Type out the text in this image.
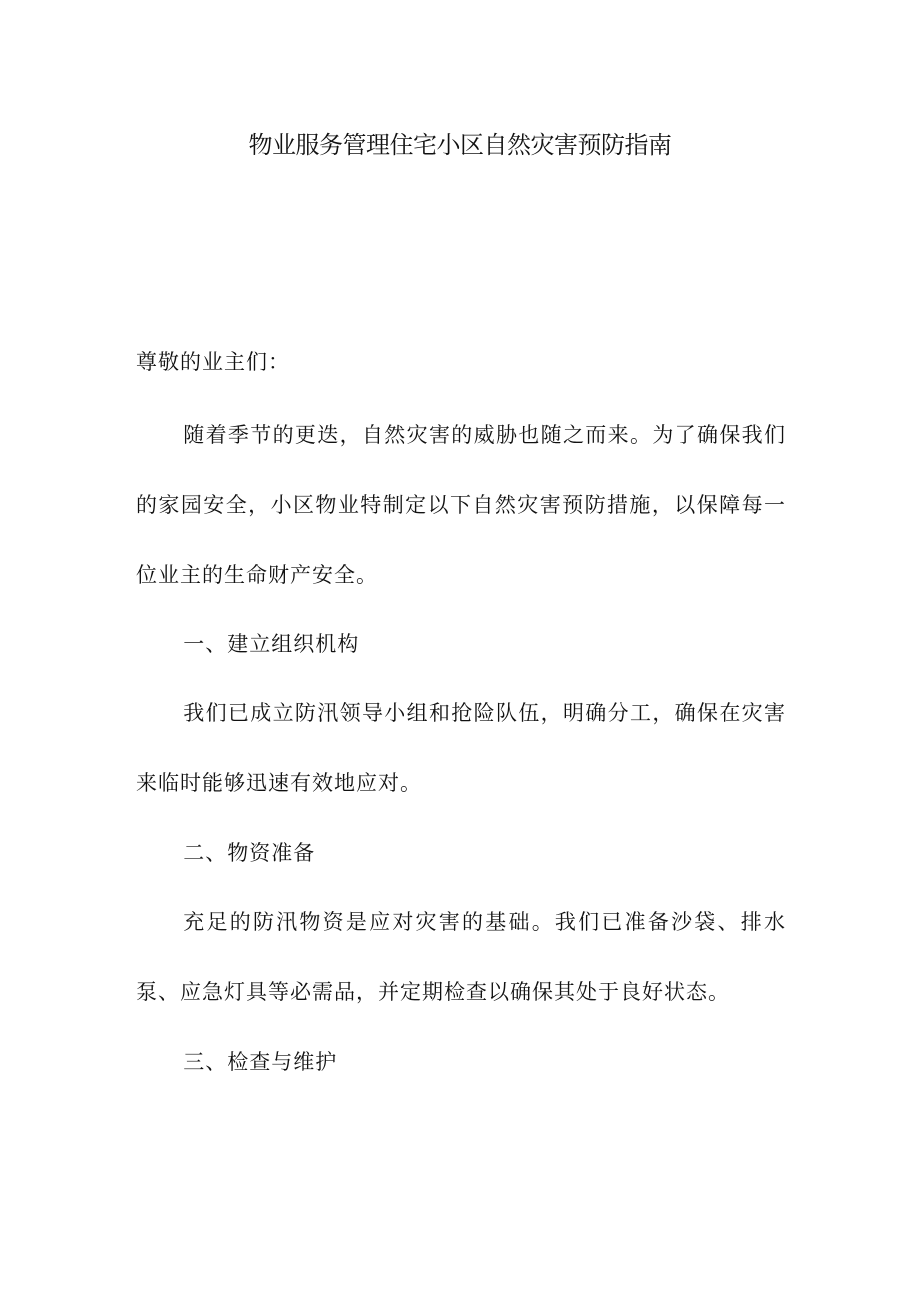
物业服务管理住宅小区自然灾害预防指南
尊敬的业主们：
随着季节的更迭，自然灾害的威胁也随之而来。为了确保我们的家园安全，小区物业特制定以下自然灾害预防措施，以保障每一位业主的生命财产安全。
一、建立组织机构
我们已成立防汛领导小组和抢险队伍，明确分工，确保在灾害来临时能够迅速有效地应对。
二、物资准备
充足的防汛物资是应对灾害的基础。我们已准备沙袋、排水泵、应急灯具等必需品，并定期检查以确保其处于良好状态。
三、检查与维护
